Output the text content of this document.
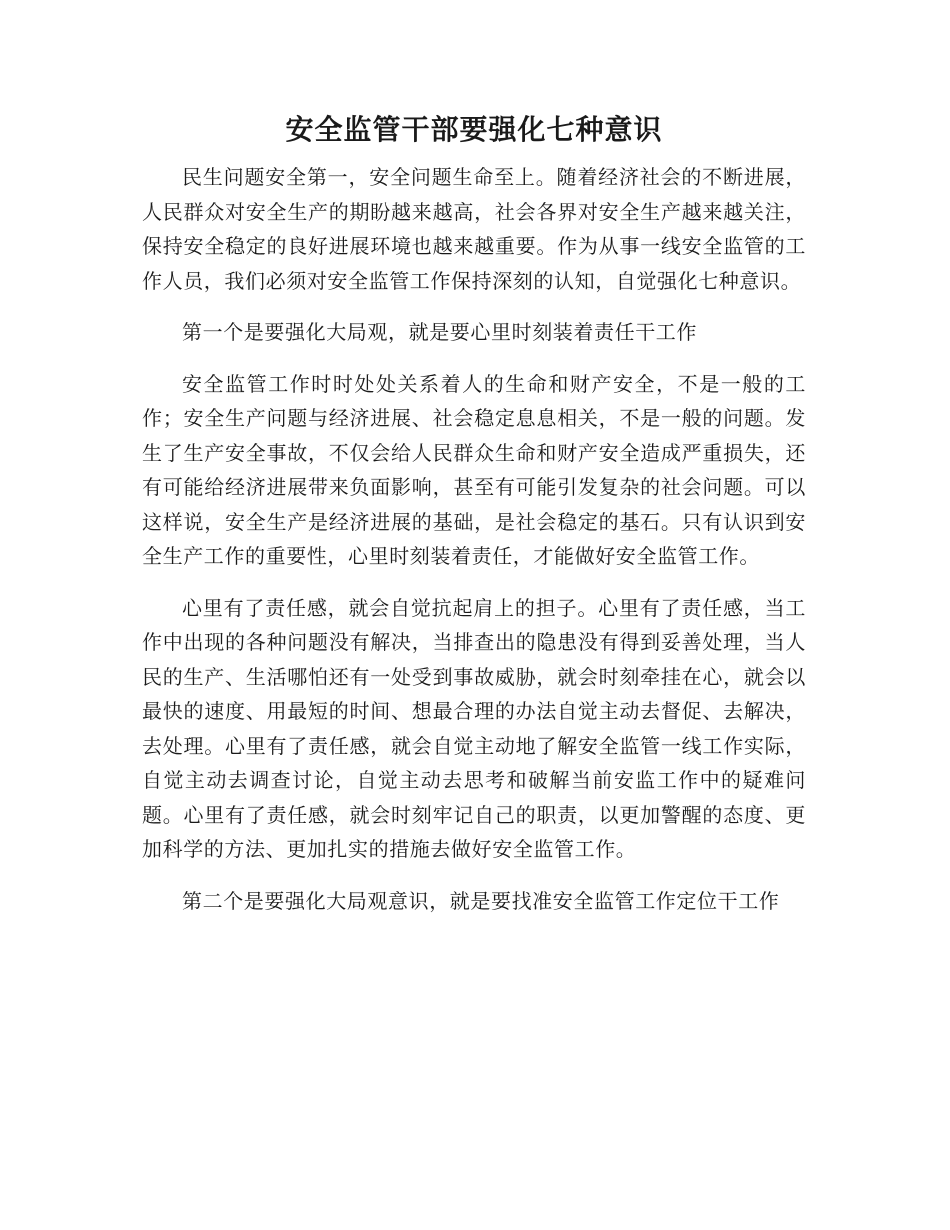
安全监管干部要强化七种意识

民生问题安全第一，安全问题生命至上。随着经济社会的不断进展，人民群众对安全生产的期盼越来越高，社会各界对安全生产越来越关注，保持安全稳定的良好进展环境也越来越重要。作为从事一线安全监管的工作人员，我们必须对安全监管工作保持深刻的认知，自觉强化七种意识。

第一个是要强化大局观，就是要心里时刻装着责任干工作

安全监管工作时时处处关系着人的生命和财产安全，不是一般的工作；安全生产问题与经济进展、社会稳定息息相关，不是一般的问题。发生了生产安全事故，不仅会给人民群众生命和财产安全造成严重损失，还有可能给经济进展带来负面影响，甚至有可能引发复杂的社会问题。可以这样说，安全生产是经济进展的基础，是社会稳定的基石。只有认识到安全生产工作的重要性，心里时刻装着责任，才能做好安全监管工作。

心里有了责任感，就会自觉抗起肩上的担子。心里有了责任感，当工作中出现的各种问题没有解决，当排查出的隐患没有得到妥善处理，当人民的生产、生活哪怕还有一处受到事故威胁，就会时刻牵挂在心，就会以最快的速度、用最短的时间、想最合理的办法自觉主动去督促、去解决，去处理。心里有了责任感，就会自觉主动地了解安全监管一线工作实际，自觉主动去调查讨论，自觉主动去思考和破解当前安监工作中的疑难问题。心里有了责任感，就会时刻牢记自己的职责，以更加警醒的态度、更加科学的方法、更加扎实的措施去做好安全监管工作。

第二个是要强化大局观意识，就是要找准安全监管工作定位干工作
